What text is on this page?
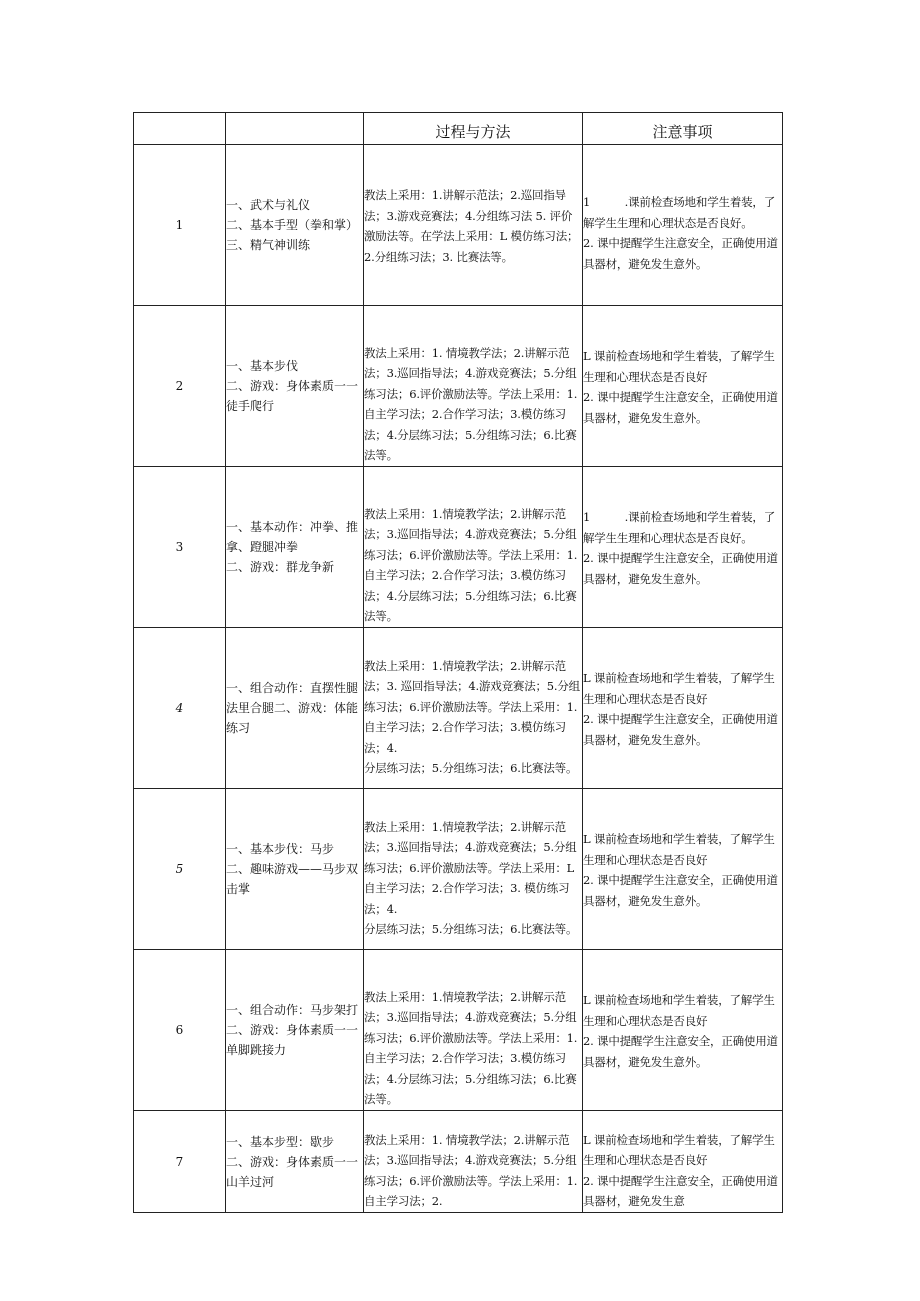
		过程与方法	注意事项
1	一、武术与礼仪
二、基本手型（拳和掌）
三、精气神训练	教法上采用：1.讲解示范法；2.巡回指导法；3.游戏竞赛法；4.分组练习法 5. 评价激励法等。在学法上采用：L 模仿练习法；2.分组练习法；3. 比赛法等。	1          .课前检查场地和学生着装，了解学生生理和心理状态是否良好。
2. 课中提醒学生注意安全，正确使用道具器材，避免发生意外。

2	一、基本步伐
二、游戏：身体素质一一徒手爬行	教法上采用：1. 情境教学法；2.讲解示范法；3.巡回指导法；4.游戏竞赛法；5.分组练习法；6.评价激励法等。学法上采用：1.自主学习法；2.合作学习法；3.模仿练习法；4.分层练习法；5.分组练习法；6.比赛法等。	L 课前检查场地和学生着装，了解学生生理和心理状态是否良好
2. 课中提醒学生注意安全，正确使用道具器材，避免发生意外。

3	一、基本动作：冲拳、推拿、蹬腿冲拳
二、游戏：群龙争新	教法上采用：1.情境教学法；2.讲解示范法；3.巡回指导法；4.游戏竞赛法；5.分组练习法；6.评价激励法等。学法上采用：1.自主学习法；2.合作学习法；3.模仿练习法；4.分层练习法；5.分组练习法；6.比赛法等。	1          .课前检查场地和学生着装，了解学生生理和心理状态是否良好。
2. 课中提醒学生注意安全，正确使用道具器材，避免发生意外。

4	一、组合动作：直摆性腿法里合腿二、游戏：体能练习	教法上采用：1.情境教学法；2.讲解示范法；3. 巡回指导法；4.游戏竞赛法；5.分组练习法；6.评价激励法等。学法上采用：1.自主学习法；2.合作学习法；3.模仿练习法；4.
分层练习法；5.分组练习法；6.比赛法等。	L 课前检查场地和学生着装，了解学生生理和心理状态是否良好
2. 课中提醒学生注意安全，正确使用道具器材，避免发生意外。

5	一、基本步伐：马步
二、趣味游戏——马步双击掌	教法上采用：1.情境教学法；2.讲解示范法；3.巡回指导法；4.游戏竞赛法；5.分组练习法；6.评价激励法等。学法上采用：L 自主学习法；2.合作学习法；3. 模仿练习法；4.
分层练习法；5.分组练习法；6.比赛法等。	L 课前检查场地和学生着装，了解学生生理和心理状态是否良好
2. 课中提醒学生注意安全，正确使用道具器材，避免发生意外。

6	一、组合动作：马步架打
二、游戏：身体素质一一单脚跳接力	教法上采用：1.情境教学法；2.讲解示范法；3.巡回指导法；4.游戏竞赛法；5.分组练习法；6.评价激励法等。学法上采用：1.自主学习法；2.合作学习法；3.模仿练习法；4.分层练习法；5.分组练习法；6.比赛法等。	L 课前检查场地和学生着装，了解学生生理和心理状态是否良好
2. 课中提醒学生注意安全，正确使用道具器材，避免发生意外。

7	一、基本步型：歇步
二、游戏：身体素质一一山羊过河	教法上采用：1. 情境教学法；2.讲解示范法；3.巡回指导法；4.游戏竞赛法；5.分组练习法；6.评价激励法等。学法上采用：1.自主学习法；2.	L 课前检查场地和学生着装，了解学生生理和心理状态是否良好
2. 课中提醒学生注意安全，正确使用道具器材，避免发生意
